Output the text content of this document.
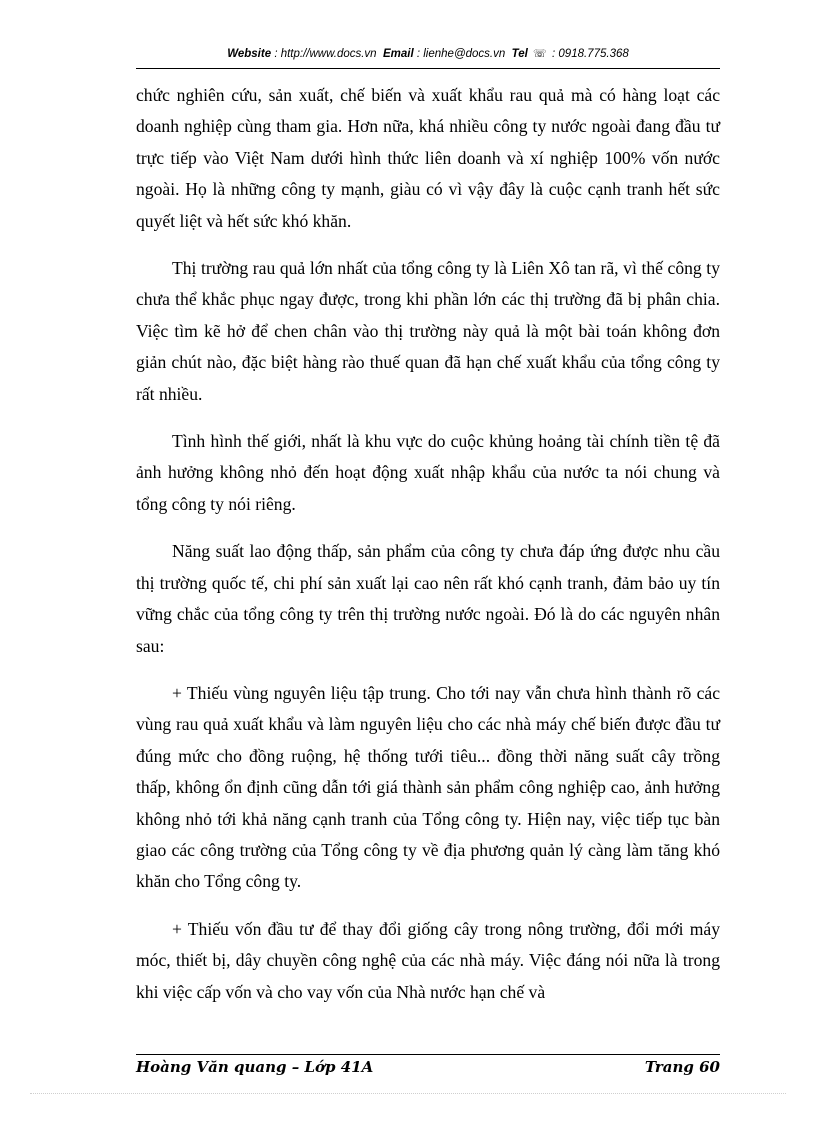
Website : http://www.docs.vn Email : lienhe@docs.vn Tel ☏ : 0918.775.368

chức nghiên cứu, sản xuất, chế biến và xuất khẩu rau quả mà có hàng loạt các doanh nghiệp cùng tham gia. Hơn nữa, khá nhiều công ty nước ngoài đang đầu tư trực tiếp vào Việt Nam dưới hình thức liên doanh và xí nghiệp 100% vốn nước ngoài. Họ là những công ty mạnh, giàu có vì vậy đây là cuộc cạnh tranh hết sức quyết liệt và hết sức khó khăn.

Thị trường rau quả lớn nhất của tổng công ty là Liên Xô tan rã, vì thế công ty chưa thể khắc phục ngay được, trong khi phần lớn các thị trường đã bị phân chia. Việc tìm kẽ hở để chen chân vào thị trường này quả là một bài toán không đơn giản chút nào, đặc biệt hàng rào thuế quan đã hạn chế xuất khẩu của tổng công ty rất nhiều.

Tình hình thế giới, nhất là khu vực do cuộc khủng hoảng tài chính tiền tệ đã ảnh hưởng không nhỏ đến hoạt động xuất nhập khẩu của nước ta nói chung và tổng công ty nói riêng.

Năng suất lao động thấp, sản phẩm của công ty chưa đáp ứng được nhu cầu thị trường quốc tế, chi phí sản xuất lại cao nên rất khó cạnh tranh, đảm bảo uy tín vững chắc của tổng công ty trên thị trường nước ngoài. Đó là do các nguyên nhân sau:

+ Thiếu vùng nguyên liệu tập trung. Cho tới nay vẫn chưa hình thành rõ các vùng rau quả xuất khẩu và làm nguyên liệu cho các nhà máy chế biến được đầu tư đúng mức cho đồng ruộng, hệ thống tưới tiêu... đồng thời năng suất cây trồng thấp, không ổn định cũng dẫn tới giá thành sản phẩm công nghiệp cao, ảnh hưởng không nhỏ tới khả năng cạnh tranh của Tổng công ty. Hiện nay, việc tiếp tục bàn giao các công trường của Tổng công ty về địa phương quản lý càng làm tăng khó khăn cho Tổng công ty.

+ Thiếu vốn đầu tư để thay đổi giống cây trong nông trường, đổi mới máy móc, thiết bị, dây chuyền công nghệ của các nhà máy. Việc đáng nói nữa là trong khi việc cấp vốn và cho vay vốn của Nhà nước hạn chế và

Hoàng Văn quang – Lớp 41A	Trang 60
